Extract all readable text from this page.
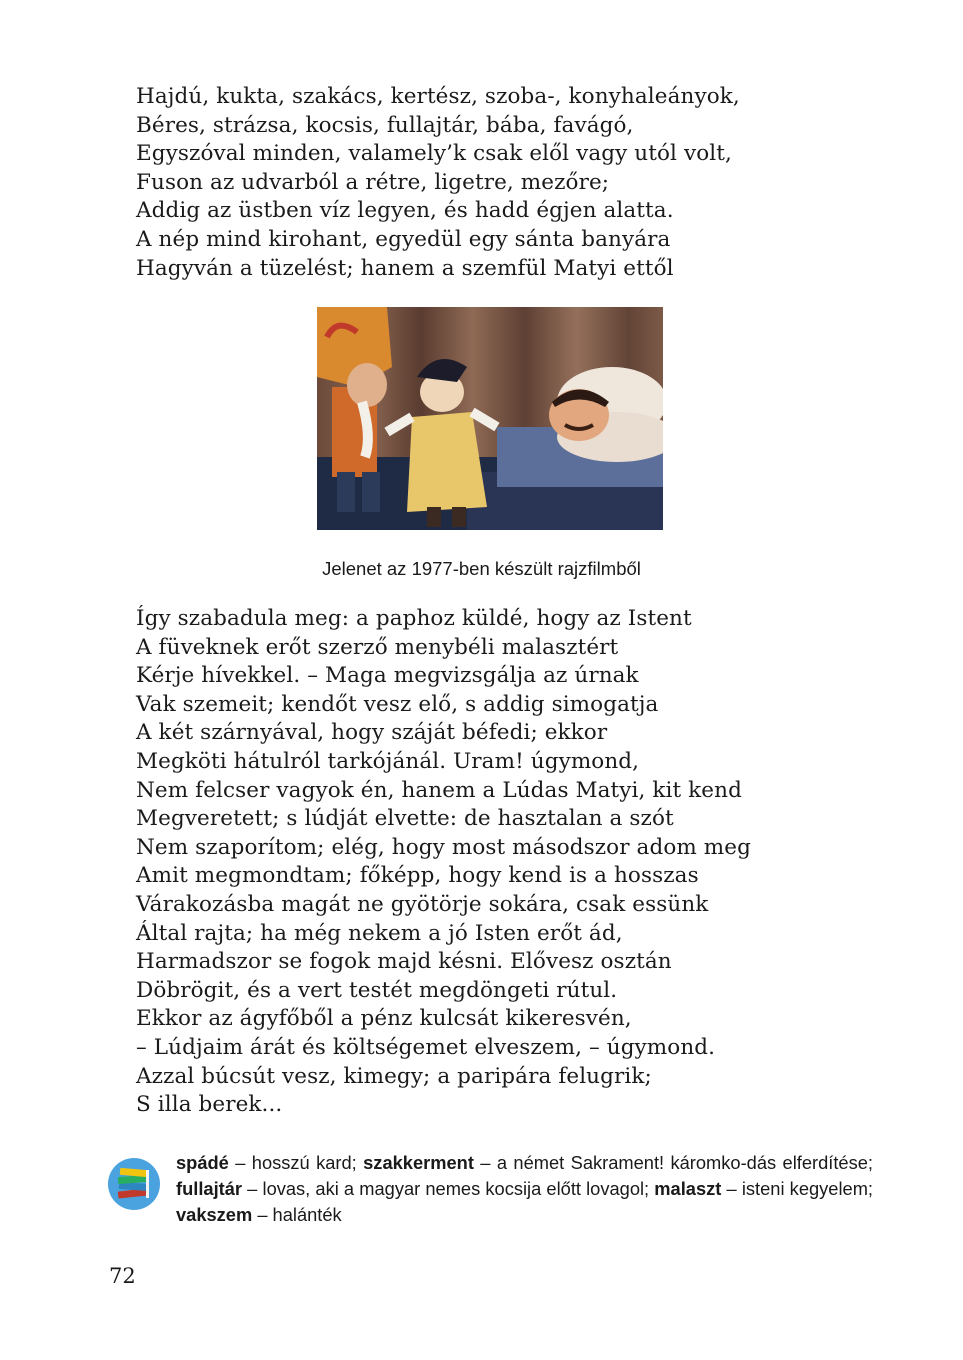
Hajdú, kukta, szakács, kertész, szoba-, konyhaleányok,
Béres, strázsa, kocsis, fullajtár, bába, favágó,
Egyszóval minden, valamely’k csak elől vagy utól volt,
Fuson az udvarból a rétre, ligetre, mezőre;
Addig az üstben víz legyen, és hadd égjen alatta.
A nép mind kirohant, egyedül egy sánta banyára
Hagyván a tüzelést; hanem a szemfül Matyi ettől
Jelenet az 1977-ben készült rajzfilmből
Így szabadula meg: a paphoz küldé, hogy az Istent
A füveknek erőt szerző menybéli malasztért
Kérje hívekkel. – Maga megvizsgálja az úrnak
Vak szemeit; kendőt vesz elő, s addig simogatja
A két szárnyával, hogy száját béfedi; ekkor
Megköti hátulról tarkójánál. Uram! úgymond,
Nem felcser vagyok én, hanem a Lúdas Matyi, kit kend
Megveretett; s lúdját elvette: de hasztalan a szót
Nem szaporítom; elég, hogy most másodszor adom meg
Amit megmondtam; főképp, hogy kend is a hosszas
Várakozásba magát ne gyötörje sokára, csak essünk
Által rajta; ha még nekem a jó Isten erőt ád,
Harmadszor se fogok majd késni. Elővesz osztán
Döbrögit, és a vert testét megdöngeti rútul.
Ekkor az ágyfőből a pénz kulcsát kikeresvén,
– Lúdjaim árát és költségemet elveszem, – úgymond.
Azzal búcsút vesz, kimegy; a paripára felugrik;
S illa berek...
spádé – hosszú kard; szakkerment – a német Sakrament! káromko-dás elferdítése; fullajtár – lovas, aki a magyar nemes kocsija előtt lovagol; malaszt – isteni kegyelem; vakszem – halánték
72
